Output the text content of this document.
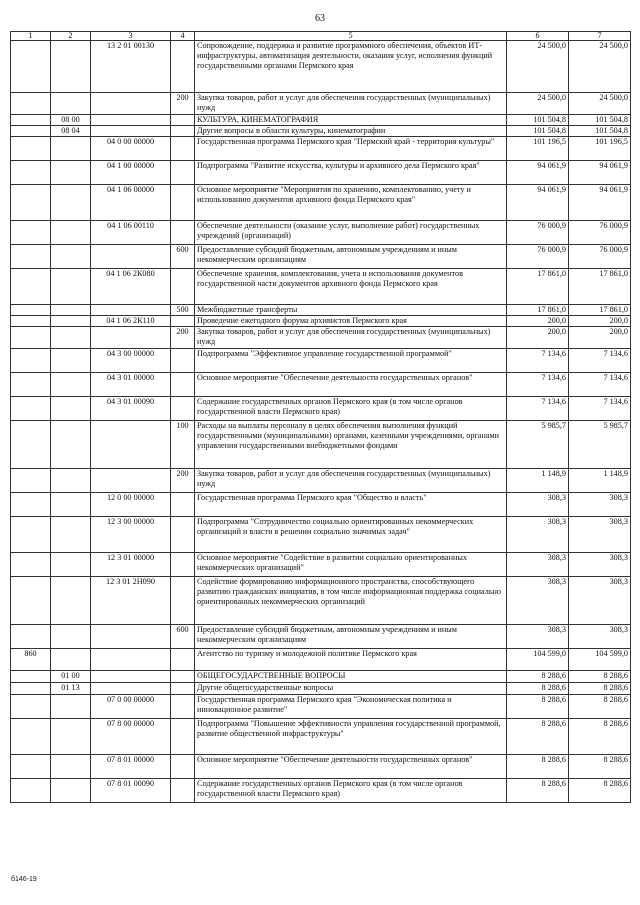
63
1	2	3	4	5	6	7
		13 2 01 00130		Сопровождение, поддержка и развитие программного обеспечения, объектов ИТ-инфраструктуры, автоматизация деятельности, оказания услуг, исполнения функций государственными органами Пермского края	24 500,0	24 500,0
			200	Закупка товаров, работ и услуг для обеспечения государственных (муниципальных) нужд	24 500,0	24 500,0
	08 00			КУЛЬТУРА, КИНЕМАТОГРАФИЯ	101 504,8	101 504,8
	08 04			Другие вопросы в области культуры, кинематографии	101 504,8	101 504,8
		04 0 00 00000		Государственная программа Пермского края "Пермский край - территория культуры"	101 196,5	101 196,5
		04 1 00 00000		Подпрограмма "Развитие искусства, культуры и архивного дела Пермского края"	94 061,9	94 061,9
		04 1 06 00000		Основное мероприятие "Мероприятия по хранению, комплектованию, учету и использованию документов архивного фонда Пермского края"	94 061,9	94 061,9
		04 1 06 00110		Обеспечение деятельности (оказание услуг, выполнение работ) государственных учреждений (организаций)	76 000,9	76 000,9
			600	Предоставление субсидий бюджетным, автономным учреждениям и иным некоммерческим организациям	76 000,9	76 000,9
		04 1 06 2К080		Обеспечение хранения, комплектования, учета и использования документов государственной части документов архивного фонда Пермского края	17 861,0	17 861,0
			500	Межбюджетные трансферты	17 861,0	17 861,0
		04 1 06 2К110		Проведение ежегодного форума архивистов Пермского края	200,0	200,0
			200	Закупка товаров, работ и услуг для обеспечения государственных (муниципальных) нужд	200,0	200,0
		04 3 00 00000		Подпрограмма "Эффективное управление государственной программой"	7 134,6	7 134,6
		04 3 01 00000		Основное мероприятие "Обеспечение деятельности государственных органов"	7 134,6	7 134,6
		04 3 01 00090		Содержание государственных органов Пермского края (в том числе органов государственной власти Пермского края)	7 134,6	7 134,6
			100	Расходы на выплаты персоналу в целях обеспечения выполнения функций государственными (муниципальными) органами, казенными учреждениями, органами управления государственными внебюджетными фондами	5 985,7	5 985,7
			200	Закупка товаров, работ и услуг для обеспечения государственных (муниципальных) нужд	1 148,9	1 148,9
		12 0 00 00000		Государственная программа Пермского края "Общество и власть"	308,3	308,3
		12 3 00 00000		Подпрограмма "Сотрудничество социально ориентированных некоммерческих организаций и власти в решении социально значимых задач"	308,3	308,3
		12 3 01 00000		Основное мероприятие "Содействие в развитии социально ориентированных некоммерческих организаций"	308,3	308,3
		12 3 01 2Н090		Содействие формированию информационного пространства, способствующего развитию гражданских инициатив, в том числе информационная поддержка социально ориентированных некоммерческих организаций	308,3	308,3
			600	Предоставление субсидий бюджетным, автономным учреждениям и иным некоммерческим организациям	308,3	308,3
860				Агентство по туризму и молодежной политике Пермского края	104 599,0	104 599,0
	01 00			ОБЩЕГОСУДАРСТВЕННЫЕ ВОПРОСЫ	8 288,6	8 288,6
	01 13			Другие общегосударственные вопросы	8 288,6	8 288,6
		07 0 00 00000		Государственная программа Пермского края "Экономическая политика и инновационное развитие"	8 288,6	8 288,6
		07 8 00 00000		Подпрограмма "Повышение эффективности управления государственной программой, развитие общественной инфраструктуры"	8 288,6	8 288,6
		07 8 01 00000		Основное мероприятие "Обеспечение деятельности государственных органов"	8 288,6	8 288,6
		07 8 01 00090		Содержание государственных органов Пермского края (в том числе органов государственной власти Пермского края)	8 288,6	8 288,6
б146-19
